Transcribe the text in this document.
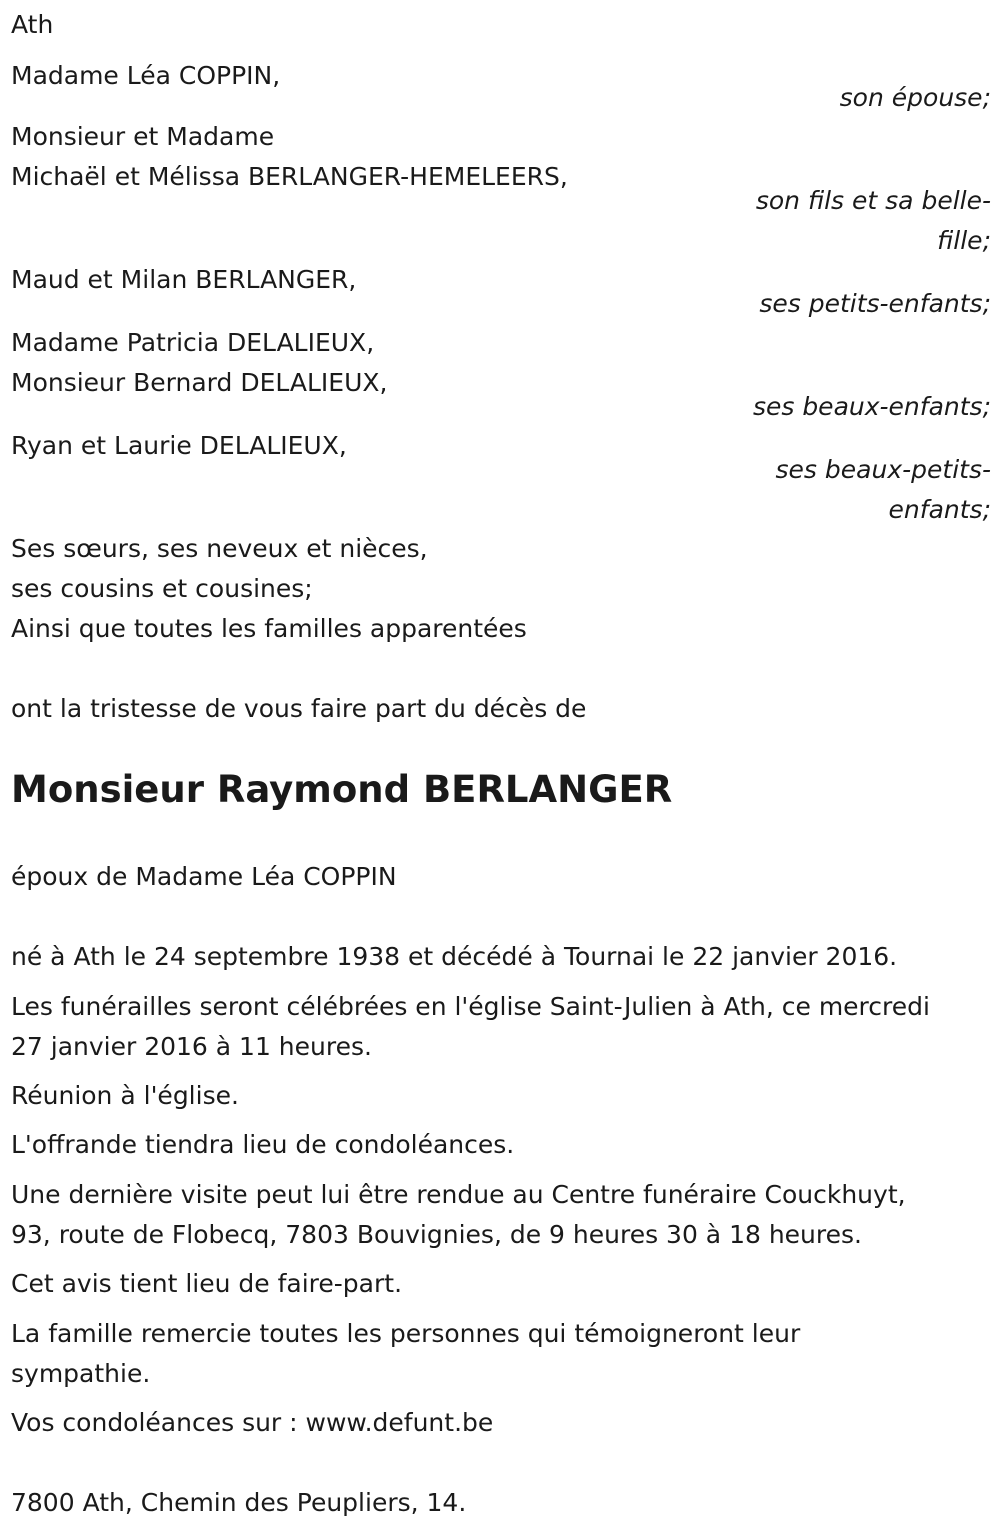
Ath

Madame Léa COPPIN,

son épouse;

Monsieur et Madame

Michaël et Mélissa BERLANGER-HEMELEERS,

son fils et sa belle-

fille;

Maud et Milan BERLANGER,

ses petits-enfants;

Madame Patricia DELALIEUX,

Monsieur Bernard DELALIEUX,

ses beaux-enfants;

Ryan et Laurie DELALIEUX,

ses beaux-petits-

enfants;

Ses sœurs, ses neveux et nièces,

ses cousins et cousines;

Ainsi que toutes les familles apparentées

ont la tristesse de vous faire part du décès de

Monsieur Raymond BERLANGER

époux de Madame Léa COPPIN

né à Ath le 24 septembre 1938 et décédé à Tournai le 22 janvier 2016.

Les funérailles seront célébrées en l'église Saint-Julien à Ath, ce mercredi

27 janvier 2016 à 11 heures.

Réunion à l'église.

L'offrande tiendra lieu de condoléances.

Une dernière visite peut lui être rendue au Centre funéraire Couckhuyt,

93, route de Flobecq, 7803 Bouvignies, de 9 heures 30 à 18 heures.

Cet avis tient lieu de faire-part.

La famille remercie toutes les personnes qui témoigneront leur

sympathie.

Vos condoléances sur : www.defunt.be

7800 Ath, Chemin des Peupliers, 14.
